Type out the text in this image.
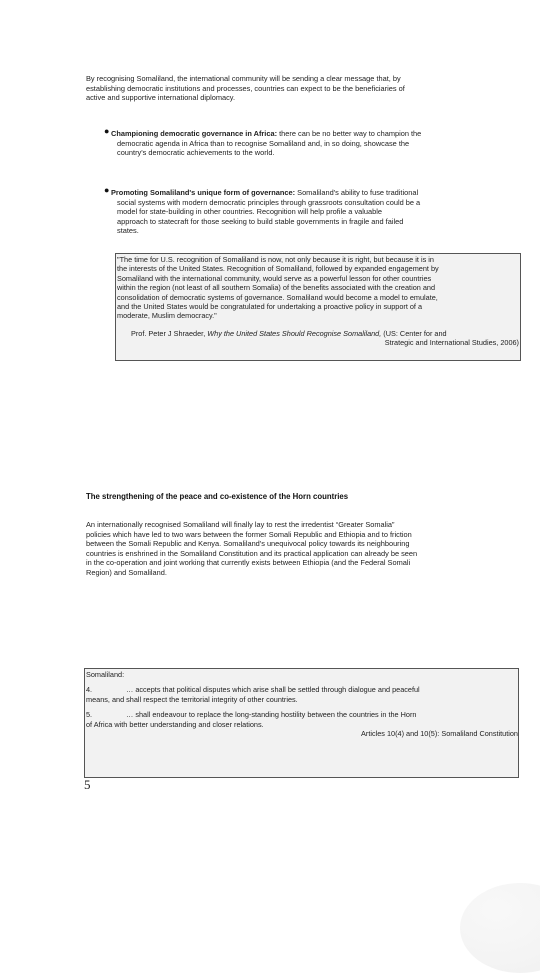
By recognising Somaliland, the international community will be sending a clear message that, by

establishing democratic institutions and processes, countries can expect to be the beneficiaries of

active and supportive international diplomacy.

● Championing democratic governance in Africa: there can be no better way to champion the

democratic agenda in Africa than to recognise Somaliland and, in so doing, showcase the

country's democratic achievements to the world.

● Promoting Somaliland's unique form of governance: Somaliland's ability to fuse traditional

social systems with modern democratic principles through grassroots consultation could be a

model for state-building in other countries. Recognition will help profile a valuable

approach to statecraft for those seeking to build stable governments in fragile and failed

states.

"The time for U.S. recognition of Somaliland is now, not only because it is right, but because it is in

the interests of the United States. Recognition of Somaliland, followed by expanded engagement by

Somaliland with the international community, would serve as a powerful lesson for other countries

within the region (not least of all southern Somalia) of the benefits associated with the creation and

consolidation of democratic systems of governance. Somaliland would become a model to emulate,

and the United States would be congratulated for undertaking a proactive policy in support of a

moderate, Muslim democracy."

Prof. Peter J Shraeder, Why the United States Should Recognise Somaliland, (US: Center for and

Strategic and International Studies, 2006)

The strengthening of the peace and co-existence of the Horn countries

An internationally recognised Somaliland will finally lay to rest the irredentist “Greater Somalia”

policies which have led to two wars between the former Somali Republic and Ethiopia and to friction

between the Somali Republic and Kenya. Somaliland's unequivocal policy towards its neighbouring

countries is enshrined in the Somaliland Constitution and its practical application can already be seen

in the co-operation and joint working that currently exists between Ethiopia (and the Federal Somali

Region) and Somaliland.

Somaliland:

4.	… accepts that political disputes which arise shall be settled through dialogue and peaceful

means, and shall respect the territorial integrity of other countries.

5.	… shall endeavour to replace the long-standing hostility between the countries in the Horn

of Africa with better understanding and closer relations.

Articles 10(4) and 10(5): Somaliland Constitution

5
